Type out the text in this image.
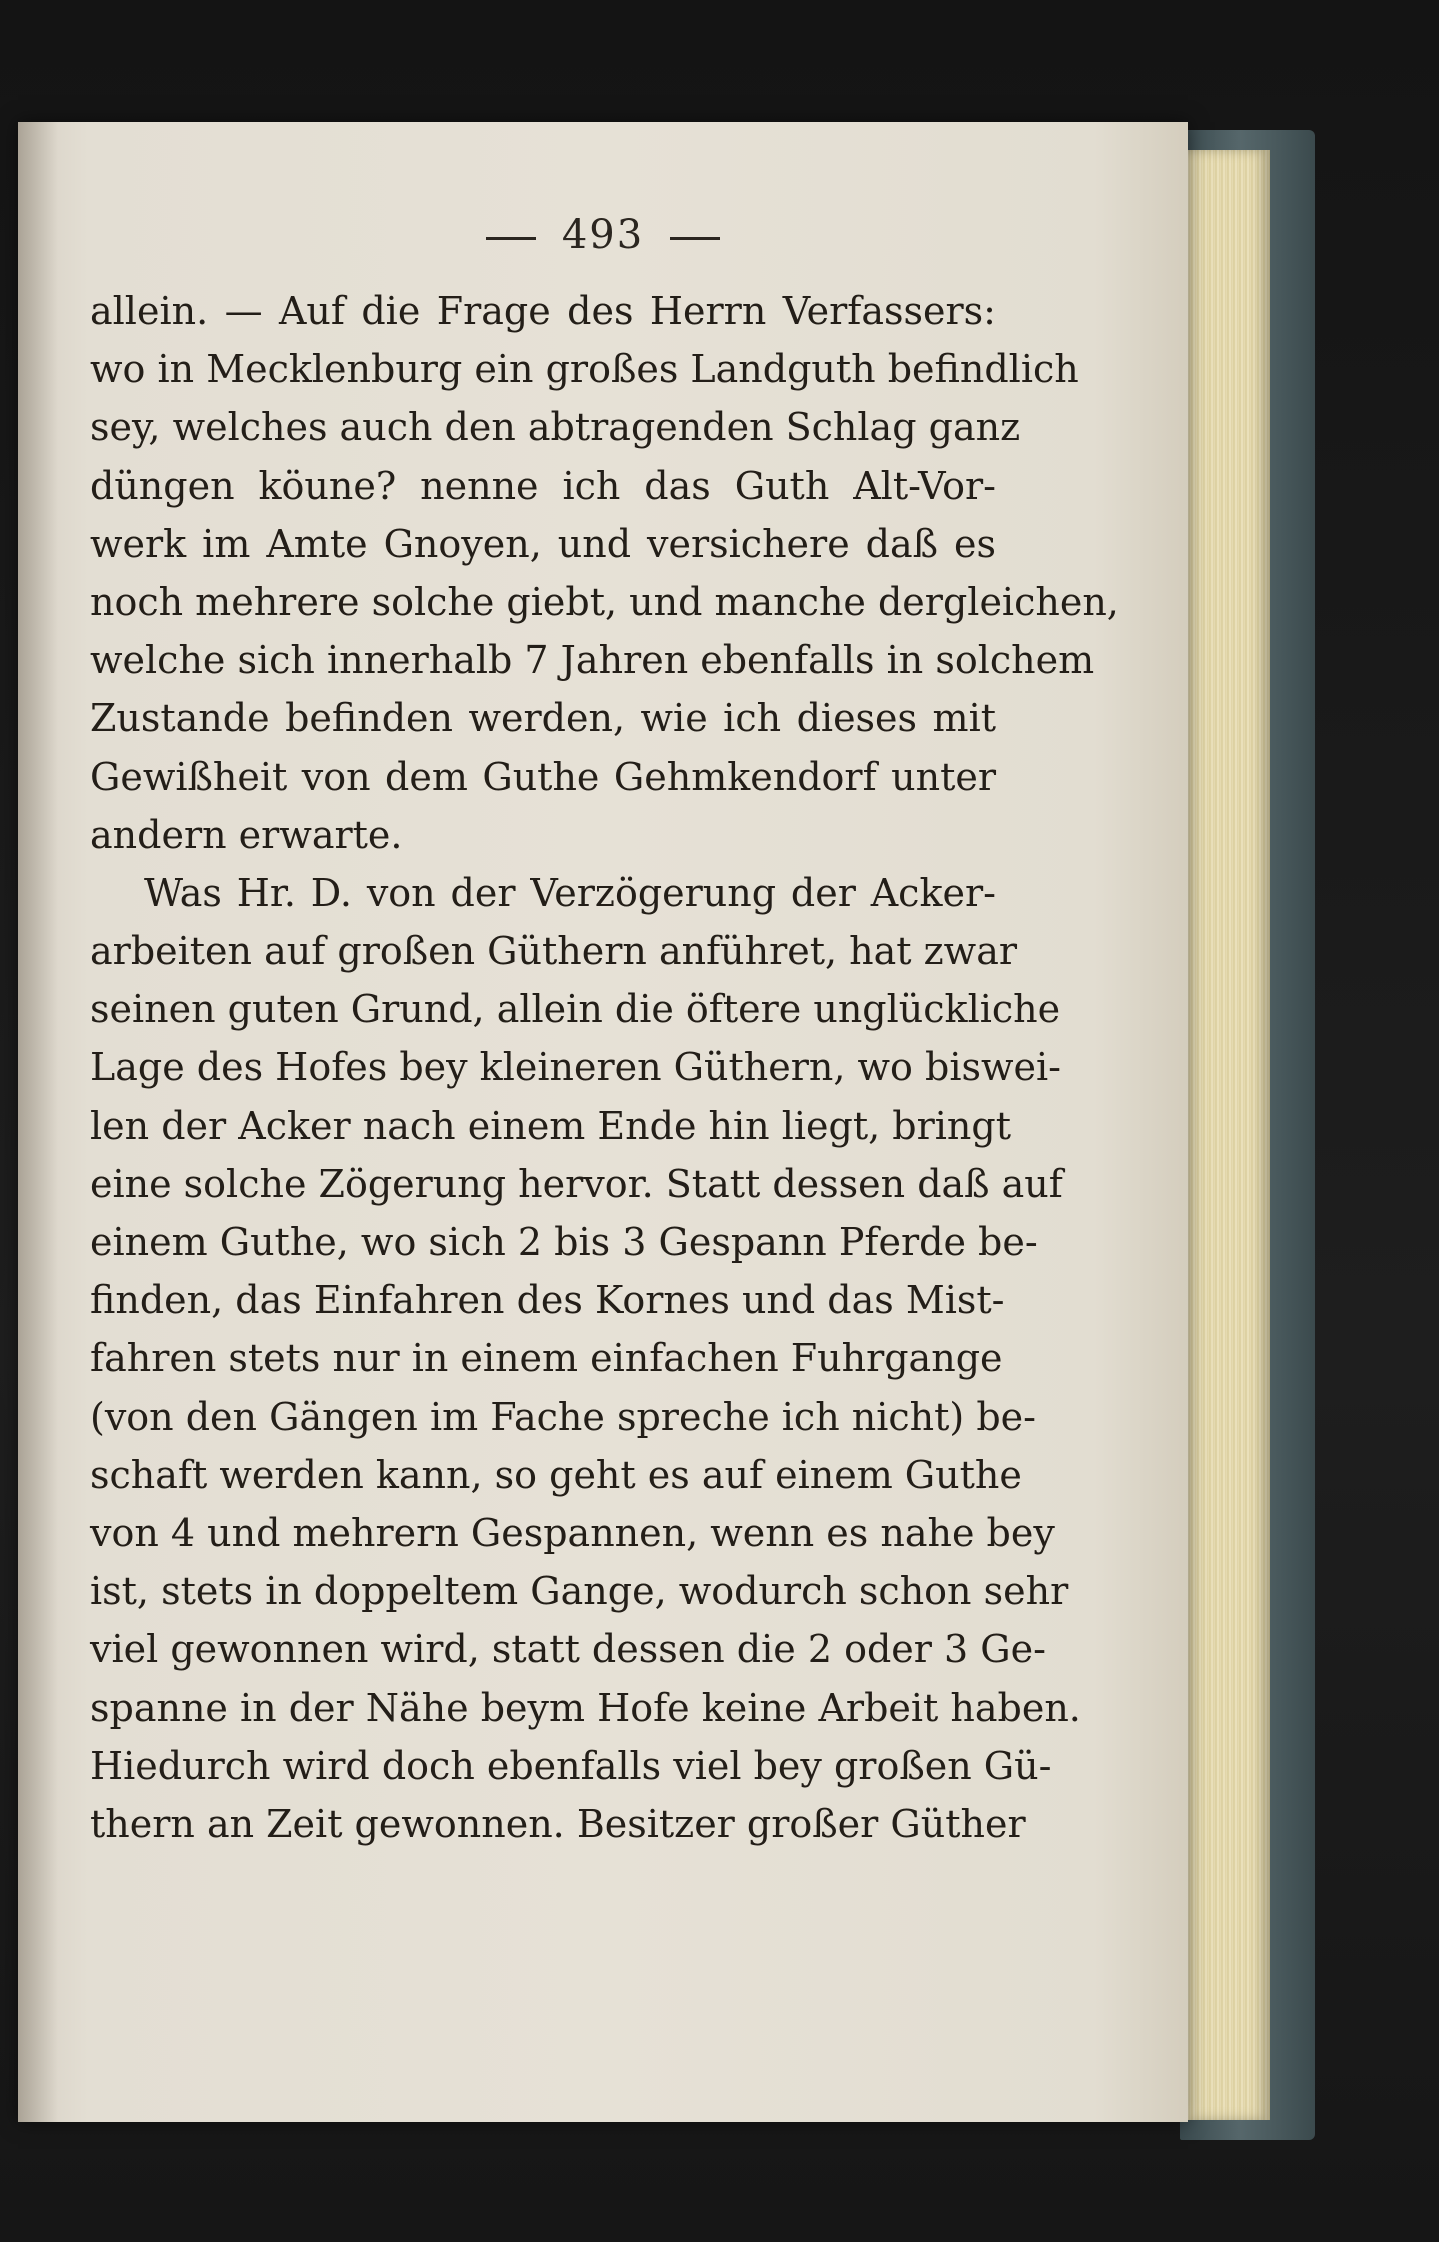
493
allein. — Auf die Frage des Herrn Verfassers:
wo in Mecklenburg ein großes Landguth befindlich
sey, welches auch den abtragenden Schlag ganz
düngen köune? nenne ich das Guth Alt-Vor-
werk im Amte Gnoyen, und versichere daß es
noch mehrere solche giebt, und manche dergleichen,
welche sich innerhalb 7 Jahren ebenfalls in solchem
Zustande befinden werden, wie ich dieses mit
Gewißheit von dem Guthe Gehmkendorf unter
andern erwarte.
Was Hr. D. von der Verzögerung der Acker-
arbeiten auf großen Güthern anführet, hat zwar
seinen guten Grund, allein die öftere unglückliche
Lage des Hofes bey kleineren Güthern, wo biswei-
len der Acker nach einem Ende hin liegt, bringt
eine solche Zögerung hervor. Statt dessen daß auf
einem Guthe, wo sich 2 bis 3 Gespann Pferde be-
finden, das Einfahren des Kornes und das Mist-
fahren stets nur in einem einfachen Fuhrgange
(von den Gängen im Fache spreche ich nicht) be-
schaft werden kann, so geht es auf einem Guthe
von 4 und mehrern Gespannen, wenn es nahe bey
ist, stets in doppeltem Gange, wodurch schon sehr
viel gewonnen wird, statt dessen die 2 oder 3 Ge-
spanne in der Nähe beym Hofe keine Arbeit haben.
Hiedurch wird doch ebenfalls viel bey großen Gü-
thern an Zeit gewonnen. Besitzer großer Güther
